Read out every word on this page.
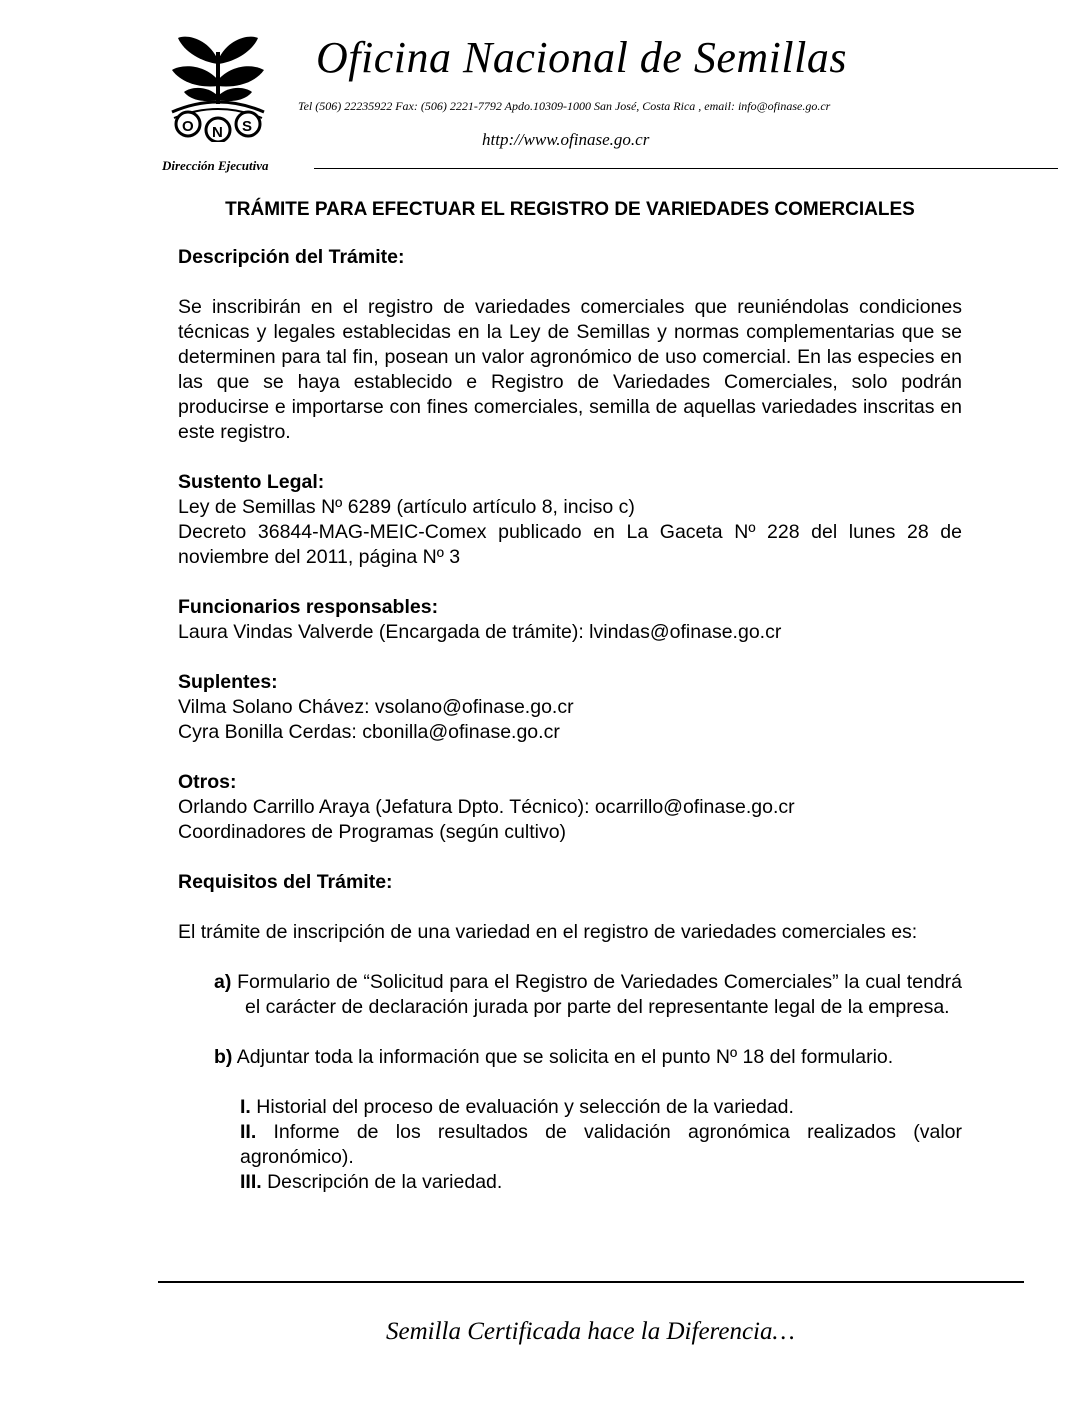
O N S
Oficina Nacional de Semillas
Tel (506) 22235922 Fax: (506) 2221-7792 Apdo.10309-1000 San José, Costa Rica , email: info@ofinase.go.cr
http://www.ofinase.go.cr
Dirección Ejecutiva
TRÁMITE PARA EFECTUAR EL REGISTRO DE VARIEDADES COMERCIALES

Descripción del Trámite:

Se inscribirán en el registro de variedades comerciales que reuniéndolas condiciones técnicas y legales establecidas en la Ley de Semillas y normas complementarias que se determinen para tal fin, posean un valor agronómico de uso comercial. En las especies en las que se haya establecido e Registro de Variedades Comerciales, solo podrán producirse e importarse con fines comerciales, semilla de aquellas variedades inscritas en este registro.

Sustento Legal:

Ley de Semillas Nº 6289 (artículo artículo 8, inciso c)

Decreto 36844-MAG-MEIC-Comex publicado en La Gaceta Nº 228 del lunes 28 de noviembre del 2011, página Nº 3

Funcionarios responsables:

Laura Vindas Valverde (Encargada de trámite): lvindas@ofinase.go.cr

Suplentes:

Vilma Solano Chávez: vsolano@ofinase.go.cr

Cyra Bonilla Cerdas: cbonilla@ofinase.go.cr

Otros:

Orlando Carrillo Araya (Jefatura Dpto. Técnico): ocarrillo@ofinase.go.cr

Coordinadores de Programas (según cultivo)

Requisitos del Trámite:

El trámite de inscripción de una variedad en el registro de variedades comerciales es:

a) Formulario de “Solicitud para el Registro de Variedades Comerciales” la cual tendrá el carácter de declaración jurada por parte del representante legal de la empresa.

b) Adjuntar toda la información que se solicita en el punto Nº 18 del formulario.

I. Historial del proceso de evaluación y selección de la variedad.

II. Informe de los resultados de validación agronómica realizados (valor agronómico).

III. Descripción de la variedad.

Semilla Certificada hace la Diferencia…
